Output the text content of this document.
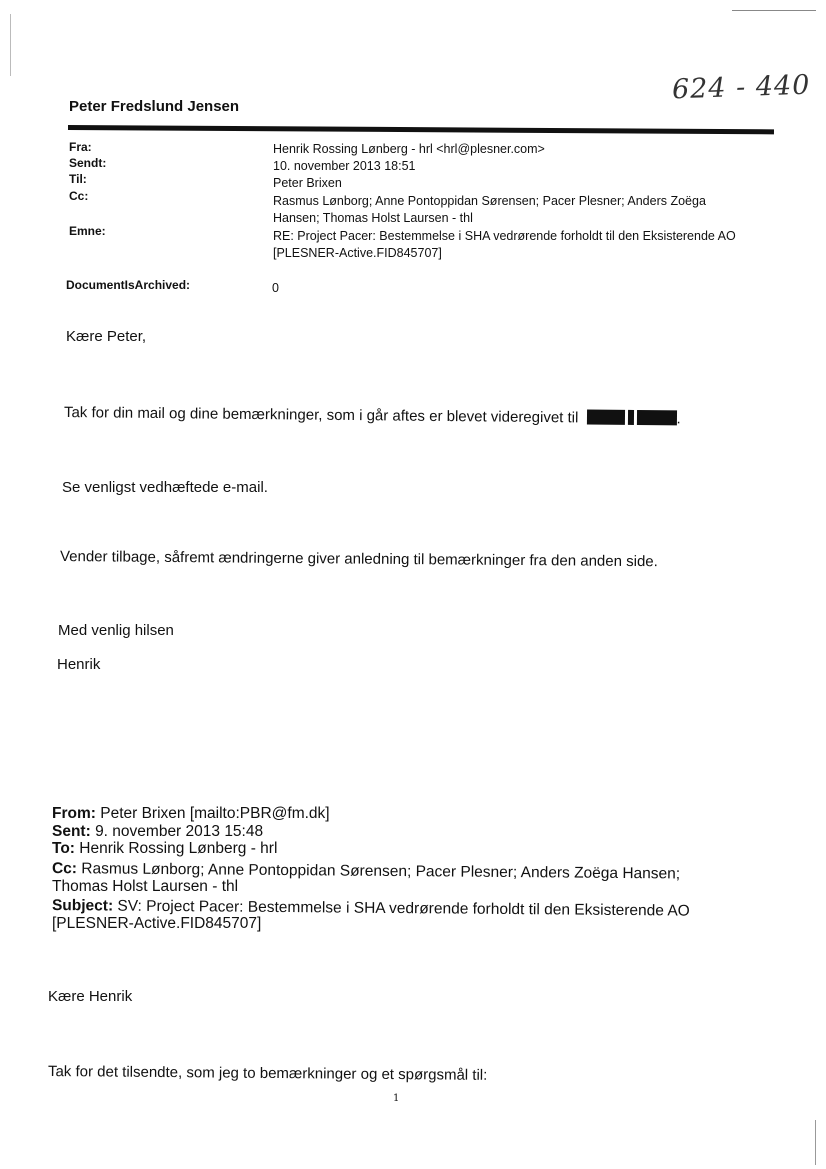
624 - 440
Peter Fredslund Jensen
Fra:	Henrik Rossing Lønberg - hrl <hrl@plesner.com>
Sendt:	10. november 2013 18:51
Til:	Peter Brixen
Cc:	Rasmus Lønborg; Anne Pontoppidan Sørensen; Pacer Plesner; Anders Zoëga
Hansen; Thomas Holst Laursen - thl
Emne:	RE: Project Pacer: Bestemmelse i SHA vedrørende forholdt til den Eksisterende AO
[PLESNER-Active.FID845707]
DocumentIsArchived:	0
Kære Peter,
Tak for din mail og dine bemærkninger, som i går aftes er blevet videregivet til	.
Se venligst vedhæftede e-mail.
Vender tilbage, såfremt ændringerne giver anledning til bemærkninger fra den anden side.
Med venlig hilsen
Henrik
From: Peter Brixen [mailto:PBR@fm.dk]
Sent: 9. november 2013 15:48
To: Henrik Rossing Lønberg - hrl
Cc: Rasmus Lønborg; Anne Pontoppidan Sørensen; Pacer Plesner; Anders Zoëga Hansen;
Thomas Holst Laursen - thl
Subject: SV: Project Pacer: Bestemmelse i SHA vedrørende forholdt til den Eksisterende AO
[PLESNER-Active.FID845707]
Kære Henrik
Tak for det tilsendte, som jeg to bemærkninger og et spørgsmål til:
1
